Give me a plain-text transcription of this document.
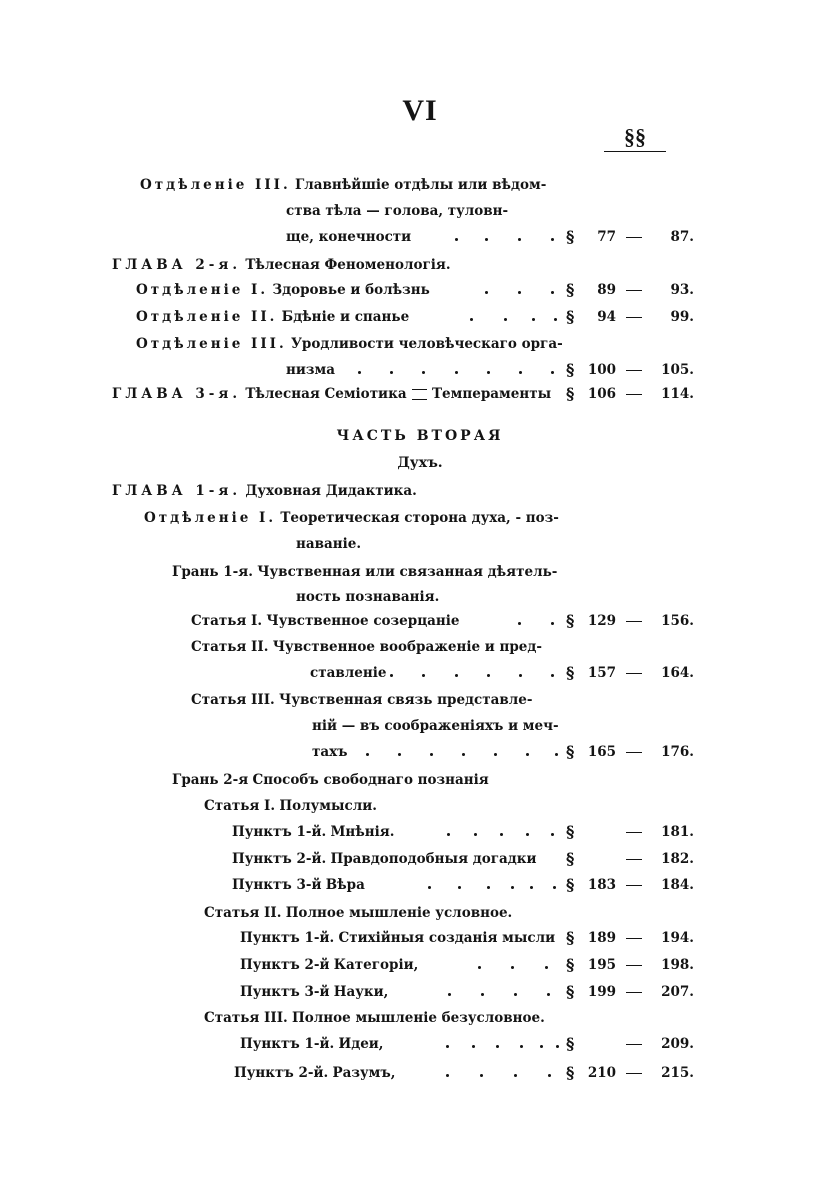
VI
§§
Отдѣленіе III. Главнѣйшіе отдѣлы или вѣдом-
ства тѣла — голова, туловн-
ще, конечности	§ 77	87.
ГЛАВА 2-я. Тѣлесная Феноменологія.
Отдѣленіе I. Здоровье и болѣзнь	§ 89	93.
Отдѣленіе II. Бдѣніе и спанье	§ 94	99.
Отдѣленіе III. Уродливости человѣческаго орга-
низма	§ 100	105.
ГЛАВА 3-я. Тѣлесная Семіотика Темпераменты § 106	114.
ЧАСТЬ ВТОРАЯ
Духъ.
ГЛАВА 1-я. Духовная Дидактика.
Отдѣленіе I. Теоретическая сторона духа, - поз-
наваніе.
Грань 1-я. Чувственная или связанная дѣятель-
ность познаванія.
Статья I. Чувственное созерцаніе	§ 129	156.
Статья II. Чувственное воображеніе и пред-
ставленіе	§ 157	164.
Статья III. Чувственная связь представле-
ній — въ соображеніяхъ и меч-
тахъ	§ 165	176.
Грань 2-я Способъ свободнаго познанія
Статья I. Полумысли.
Пунктъ 1-й. Мнѣнія.	§	181.
Пунктъ 2-й. Правдоподобныя догадки §	182.
Пунктъ 3-й Вѣра	§ 183	184.
Статья II. Полное мышленіе условное.
Пунктъ 1-й. Стихійныя созданія мысли § 189	194.
Пунктъ 2-й Категоріи,	§ 195	198.
Пунктъ 3-й Науки,	§ 199	207.
Статья III. Полное мышленіе безусловное.
Пунктъ 1-й. Идеи,	§	209.
Пунктъ 2-й. Разумъ,	§ 210	215.
